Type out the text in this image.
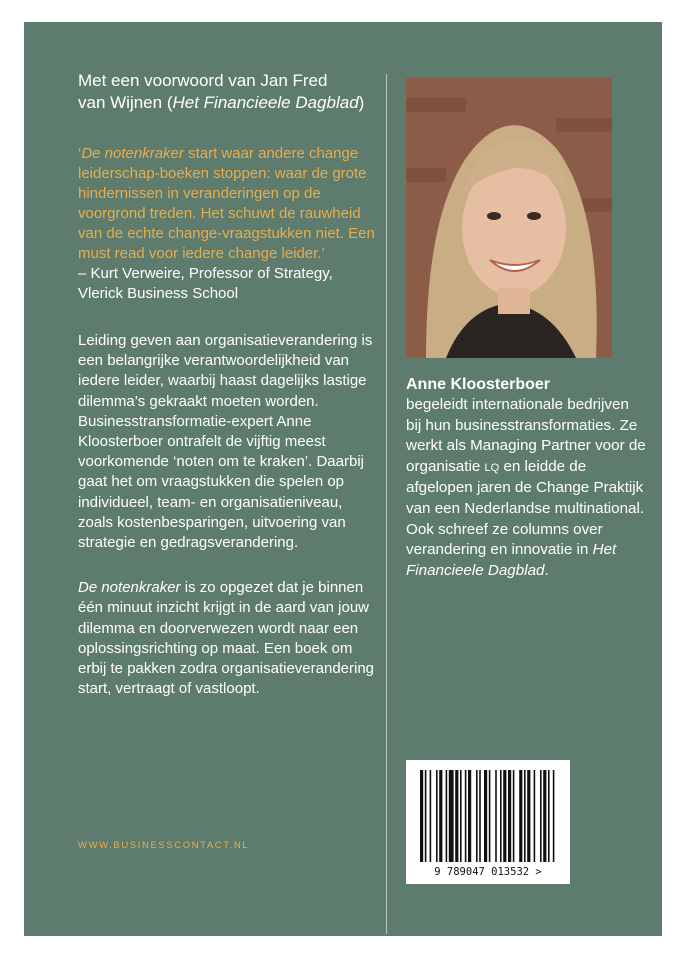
Met een voorwoord van Jan Fred
van Wijnen (Het Financieele Dagblad)

‘De notenkraker start waar andere change leiderschap-boeken stoppen: waar de grote hindernissen in veranderingen op de voorgrond treden. Het schuwt de rauwheid van de echte change-vraagstukken niet. Een must read voor iedere change leider.’

– Kurt Verweire, Professor of Strategy, Vlerick Business School

Leiding geven aan organisatieverandering is een belangrijke verantwoordelijkheid van iedere leider, waarbij haast dagelijks lastige dilemma’s gekraakt moeten worden. Businesstransformatie-expert Anne Kloosterboer ontrafelt de vijftig meest voorkomende ‘noten om te kraken’. Daarbij gaat het om vraagstukken die spelen op individueel, team- en organisatieniveau, zoals kostenbesparingen, uitvoering van strategie en gedragsverandering.

De notenkraker is zo opgezet dat je binnen één minuut inzicht krijgt in de aard van jouw dilemma en doorverwezen wordt naar een oplossingsrichting op maat. Een boek om erbij te pakken zodra organisatieverandering start, vertraagt of vastloopt.

WWW.BUSINESSCONTACT.NL

Anne Kloosterboer

begeleidt internationale bedrijven bij hun businesstransformaties. Ze werkt als Managing Partner voor de organisatie LQ en leidde de afgelopen jaren de Change Praktijk van een Nederlandse multinational. Ook schreef ze columns over verandering en innovatie in Het Financieele Dagblad.

9 789047 013532 >
